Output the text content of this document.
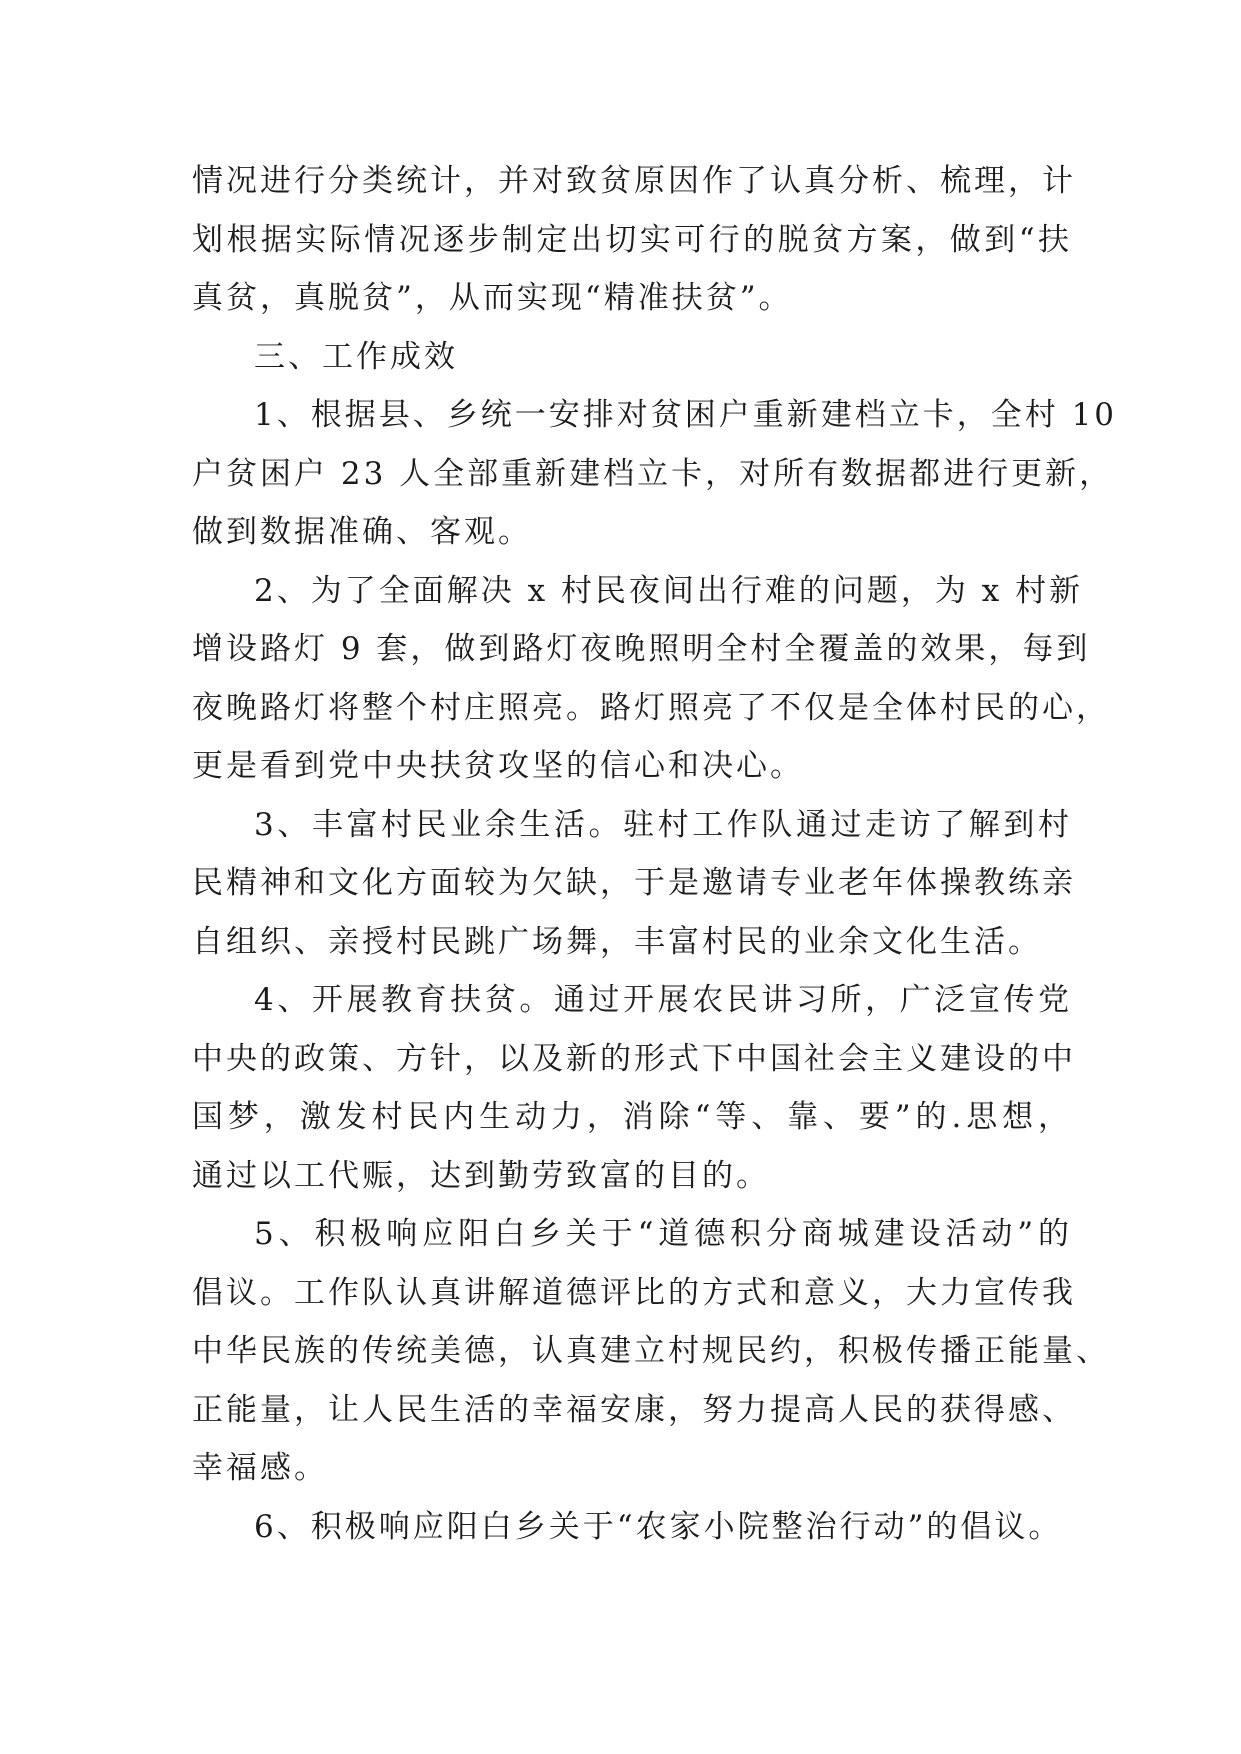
情况进行分类统计，并对致贫原因作了认真分析、梳理，计
划根据实际情况逐步制定出切实可行的脱贫方案，做到“扶
真贫，真脱贫”，从而实现“精准扶贫”。
三、工作成效
1、根据县、乡统一安排对贫困户重新建档立卡，全村 10
户贫困户 23 人全部重新建档立卡，对所有数据都进行更新，
做到数据准确、客观。
2、为了全面解决 x 村民夜间出行难的问题，为 x 村新
增设路灯 9 套，做到路灯夜晚照明全村全覆盖的效果，每到
夜晚路灯将整个村庄照亮。路灯照亮了不仅是全体村民的心，
更是看到党中央扶贫攻坚的信心和决心。
3、丰富村民业余生活。驻村工作队通过走访了解到村
民精神和文化方面较为欠缺，于是邀请专业老年体操教练亲
自组织、亲授村民跳广场舞，丰富村民的业余文化生活。
4、开展教育扶贫。通过开展农民讲习所，广泛宣传党
中央的政策、方针，以及新的形式下中国社会主义建设的中
国梦，激发村民内生动力，消除“等、靠、要”的.思想，
通过以工代赈，达到勤劳致富的目的。
5、积极响应阳白乡关于“道德积分商城建设活动”的
倡议。工作队认真讲解道德评比的方式和意义，大力宣传我
中华民族的传统美德，认真建立村规民约，积极传播正能量、
正能量，让人民生活的幸福安康，努力提高人民的获得感、
幸福感。
6、积极响应阳白乡关于“农家小院整治行动”的倡议。
